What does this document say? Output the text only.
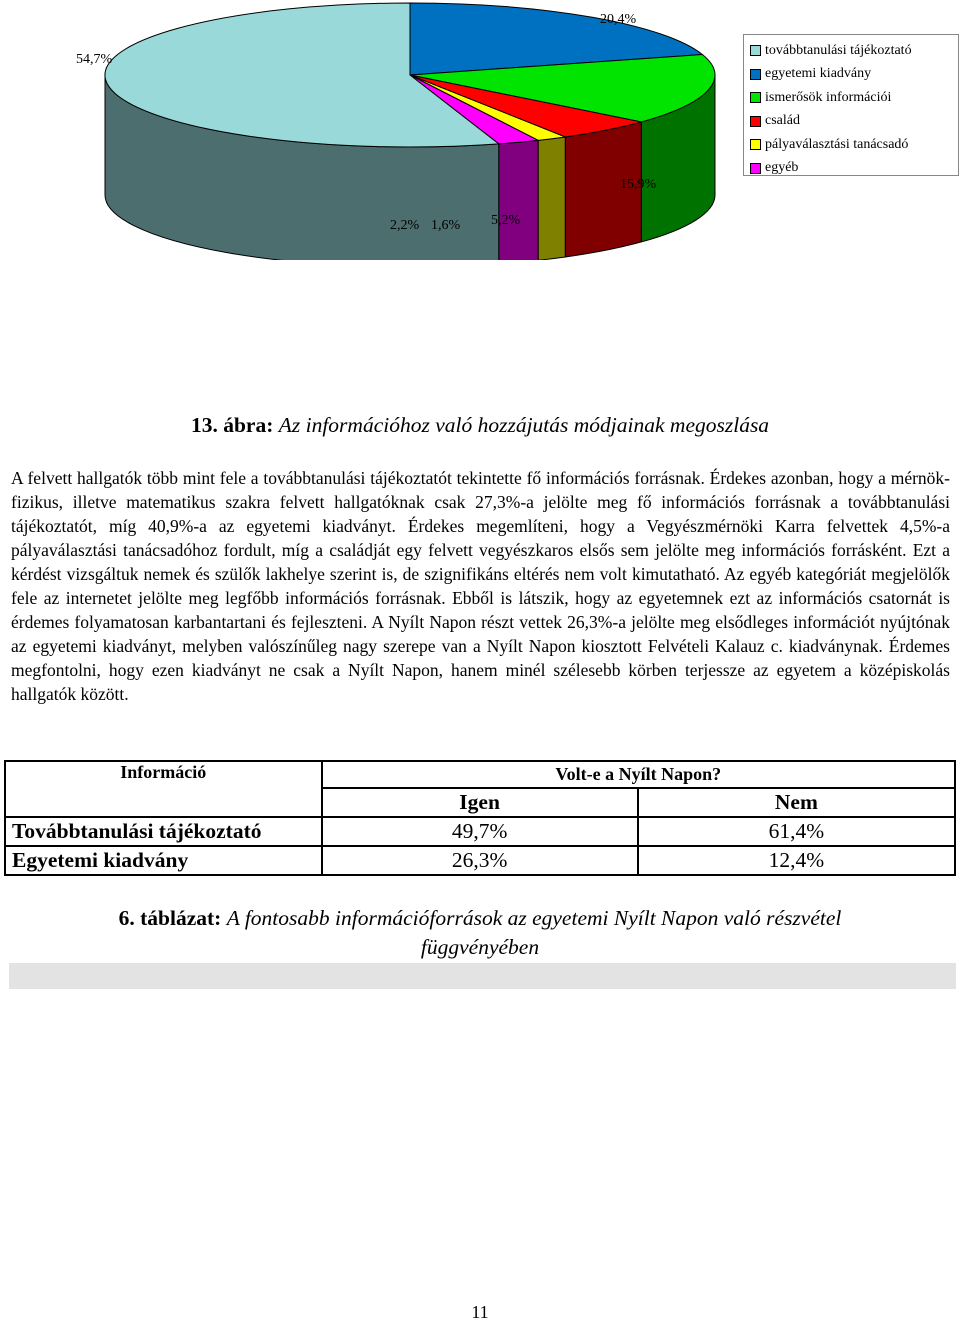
54,7%
20,4%
15,9%
5,2%
1,6%
2,2%
továbbtanulási tájékoztató
egyetemi kiadvány
ismerősök információi
család
pályaválasztási tanácsadó
egyéb
13. ábra: Az információhoz való hozzájutás módjainak megoszlása
A felvett hallgatók több mint fele a továbbtanulási tájékoztatót tekintette fő információs forrásnak. Érdekes azonban, hogy a mérnök-fizikus, illetve matematikus szakra felvett hallgatóknak csak 27,3%-a jelölte meg fő információs forrásnak a továbbtanulási tájékoztatót, míg 40,9%-a az egyetemi kiadványt. Érdekes megemlíteni, hogy a Vegyészmérnöki Karra felvettek 4,5%-a pályaválasztási tanácsadóhoz fordult, míg a családját egy felvett vegyészkaros elsős sem jelölte meg információs forrásként. Ezt a kérdést vizsgáltuk nemek és szülők lakhelye szerint is, de szignifikáns eltérés nem volt kimutatható. Az egyéb kategóriát megjelölők fele az internetet jelölte meg legfőbb információs forrásnak. Ebből is látszik, hogy az egyetemnek ezt az információs csatornát is érdemes folyamatosan karbantartani és fejleszteni. A Nyílt Napon részt vettek 26,3%-a jelölte meg elsődleges információt nyújtónak az egyetemi kiadványt, melyben valószínűleg nagy szerepe van a Nyílt Napon kiosztott Felvételi Kalauz c. kiadványnak. Érdemes megfontolni, hogy ezen kiadványt ne csak a Nyílt Napon, hanem minél szélesebb körben terjessze az egyetem a középiskolás hallgatók között.
Információ	Volt-e a Nyílt Napon?	
	Igen	Nem
Továbbtanulási tájékoztató	49,7%	61,4%
Egyetemi kiadvány	26,3%	12,4%
6. táblázat: A fontosabb információforrások az egyetemi Nyílt Napon való részvétel függvényében
11
